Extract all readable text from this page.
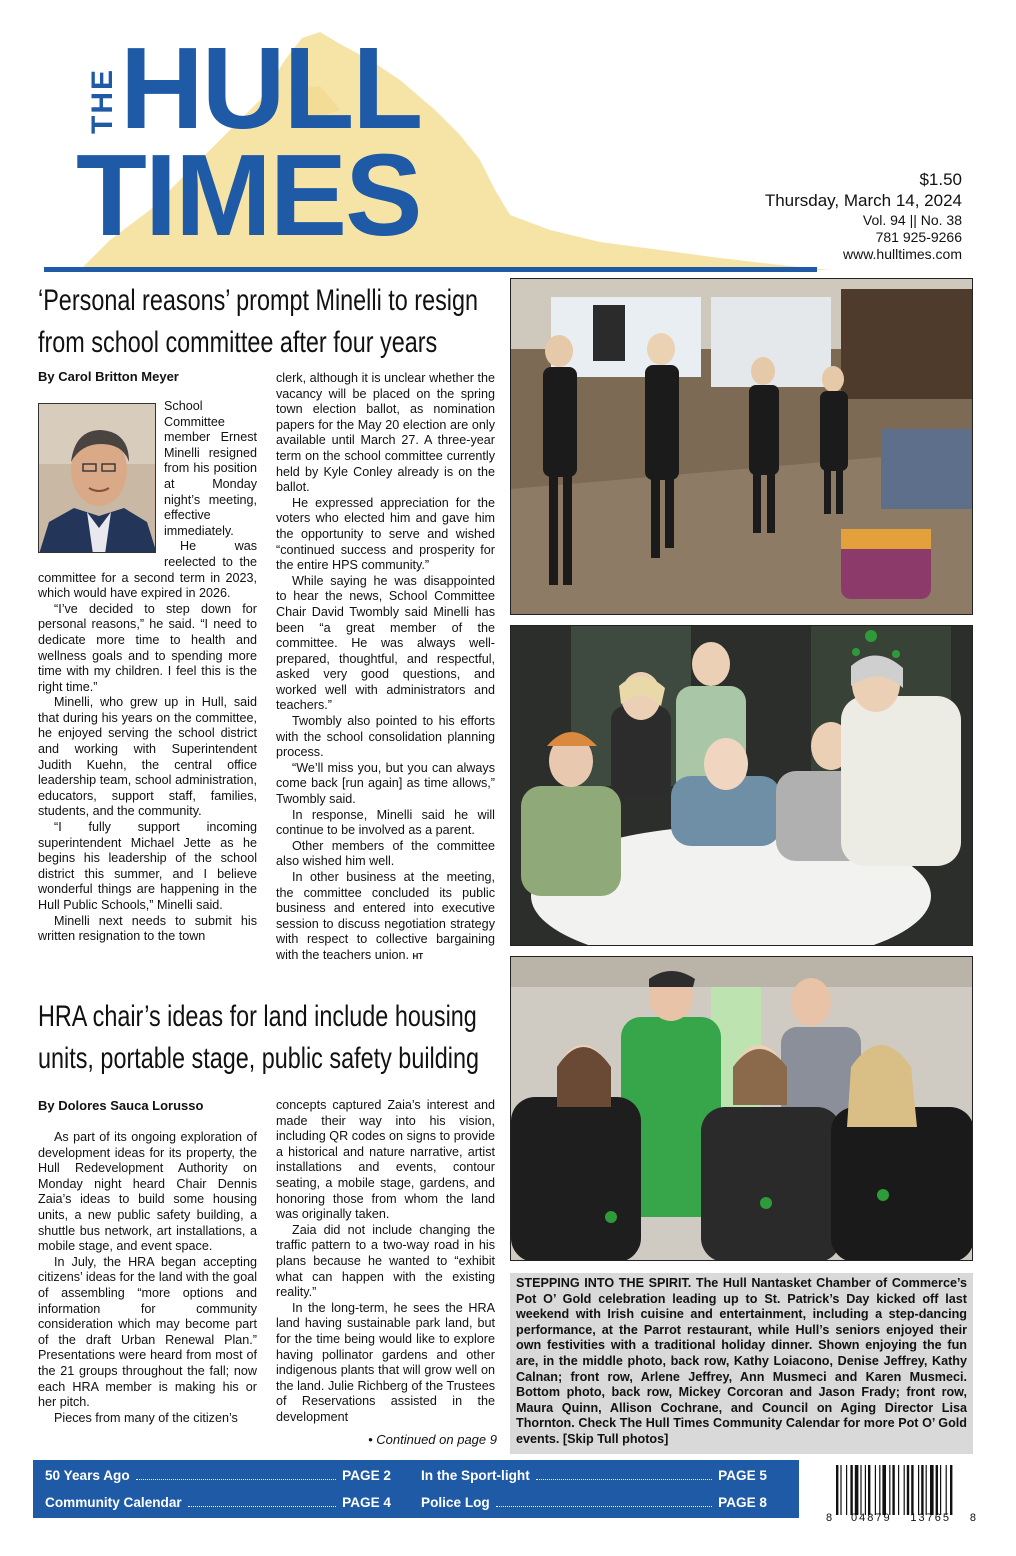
THE HULL
TIMES	$1.50
Thursday, March 14, 2024
Vol. 94 || No. 38
781 925-9266
www.hulltimes.com
‘Personal reasons’ prompt Minelli to resign
from school committee after four years
By Carol Britton Meyer

School Committee member Ernest Minelli resigned from his position at Monday night’s meeting, effective immediately.

He was reelected to the committee for a second term in 2023, which would have expired in 2026.

“I’ve decided to step down for personal reasons,” he said. “I need to dedicate more time to health and wellness goals and to spending more time with my children. I feel this is the right time.”

Minelli, who grew up in Hull, said that during his years on the committee, he enjoyed serving the school district and working with Superintendent Judith Kuehn, the central office leadership team, school administration, educators, support staff, families, students, and the community.

“I fully support incoming superintendent Michael Jette as he begins his leadership of the school district this summer, and I believe wonderful things are happening in the Hull Public Schools,” Minelli said.

Minelli next needs to submit his written resignation to the town

clerk, although it is unclear whether the vacancy will be placed on the spring town election ballot, as nomination papers for the May 20 election are only available until March 27. A three-year term on the school committee currently held by Kyle Conley already is on the ballot.

He expressed appreciation for the voters who elected him and gave him the opportunity to serve and wished “continued success and prosperity for the entire HPS community.”

While saying he was disappointed to hear the news, School Committee Chair David Twombly said Minelli has been “a great member of the committee. He was always well-prepared, thoughtful, and respectful, asked very good questions, and worked well with administrators and teachers.”

Twombly also pointed to his efforts with the school consolidation planning process.

“We’ll miss you, but you can always come back [run again] as time allows,” Twombly said.

In response, Minelli said he will continue to be involved as a parent.

Other members of the committee also wished him well.

In other business at the meeting, the committee concluded its public business and entered into executive session to discuss negotiation strategy with respect to collective bargaining with the teachers union. HT

HRA chair’s ideas for land include housing
units, portable stage, public safety building
By Dolores Sauca Lorusso

As part of its ongoing exploration of development ideas for its property, the Hull Redevelopment Authority on Monday night heard Chair Dennis Zaia’s ideas to build some housing units, a new public safety building, a shuttle bus network, art installations, a mobile stage, and event space.

In July, the HRA began accepting citizens’ ideas for the land with the goal of assembling “more options and information for community consideration which may become part of the draft Urban Renewal Plan.” Presentations were heard from most of the 21 groups throughout the fall; now each HRA member is making his or her pitch.

Pieces from many of the citizen’s

concepts captured Zaia’s interest and made their way into his vision, including QR codes on signs to provide a historical and nature narrative, artist installations and events, contour seating, a mobile stage, gardens, and honoring those from whom the land was originally taken.

Zaia did not include changing the traffic pattern to a two-way road in his plans because he wanted to “exhibit what can happen with the existing reality.”

In the long-term, he sees the HRA land having sustainable park land, but for the time being would like to explore having pollinator gardens and other indigenous plants that will grow well on the land. Julie Richberg of the Trustees of Reservations assisted in the development

• Continued on page 9
STEPPING INTO THE SPIRIT. The Hull Nantasket Chamber of Commerce’s Pot O’ Gold celebration leading up to St. Patrick’s Day kicked off last weekend with Irish cuisine and entertainment, including a step-dancing performance, at the Parrot restaurant, while Hull’s seniors enjoyed their own festivities with a traditional holiday dinner. Shown enjoying the fun are, in the middle photo, back row, Kathy Loiacono, Denise Jeffrey, Kathy Calnan; front row, Arlene Jeffrey, Ann Musmeci and Karen Musmeci. Bottom photo, back row, Mickey Corcoran and Jason Frady; front row, Maura Quinn, Allison Cochrane, and Council on Aging Director Lisa Thornton. Check The Hull Times Community Calendar for more Pot O’ Gold events. [Skip Tull photos]
50 Years Ago	PAGE 2 In the Sport-light	PAGE 5
Community Calendar	PAGE 4 Police Log	PAGE 8
8 04879 13765 8
